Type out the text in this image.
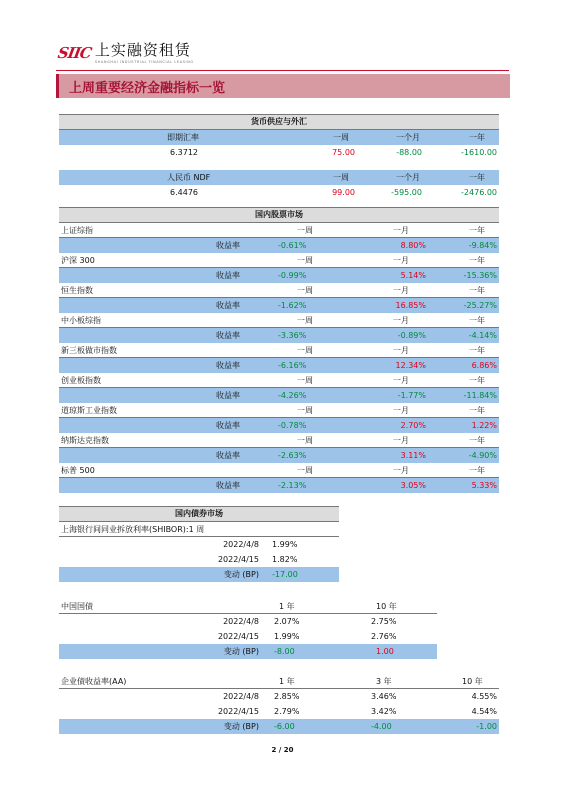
SIIC 上实融资租赁
SHANGHAI INDUSTRIAL FINANCIAL LEASING
上周重要经济金融指标一览
货币供应与外汇
即期汇率	一周	一个月	一年
6.3712	75.00	-88.00	-1610.00
人民币 NDF	一周	一个月	一年
6.4476	99.00	-595.00	-2476.00
国内股票市场
上证综指	一周	一月	一年
收益率	-0.61%	8.80%	-9.84%
沪深 300	一周	一月	一年
收益率	-0.99%	5.14%	-15.36%
恒生指数	一周	一月	一年
收益率	-1.62%	16.85%	-25.27%
中小板综指	一周	一月	一年
收益率	-3.36%	-0.89%	-4.14%
新三板做市指数	一周	一月	一年
收益率	-6.16%	12.34%	6.86%
创业板指数	一周	一月	一年
收益率	-4.26%	-1.77%	-11.84%
道琼斯工业指数	一周	一月	一年
收益率	-0.78%	2.70%	1.22%
纳斯达克指数	一周	一月	一年
收益率	-2.63%	3.11%	-4.90%
标普 500	一周	一月	一年
收益率	-2.13%	3.05%	5.33%
国内债券市场
上海银行间同业拆放利率(SHIBOR):1 周
2022/4/8 1.99%
2022/4/15 1.82%
变动 (BP) -17.00
中国国债	1 年	10 年
2022/4/8 2.07%	2.75%
2022/4/15 1.99%	2.76%
变动 (BP) -8.00	1.00
企业债收益率(AA)	1 年	3 年	10 年
2022/4/8 2.85%	3.46%	4.55%
2022/4/15 2.79%	3.42%	4.54%
变动 (BP) -6.00	-4.00	-1.00
2 / 20
